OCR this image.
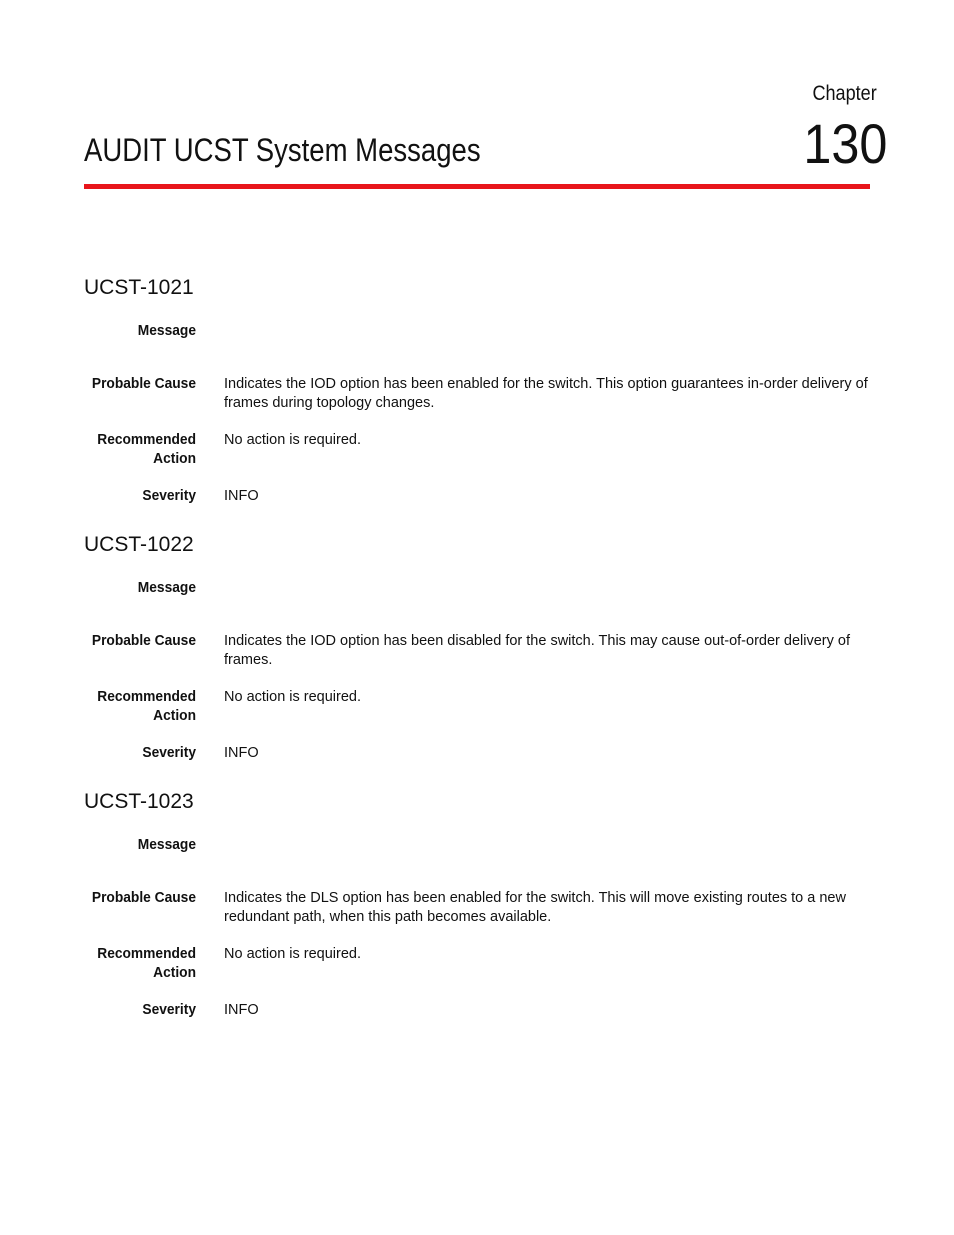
Chapter
130
AUDIT UCST System Messages
UCST-1021
Message
Probable Cause Indicates the IOD option has been enabled for the switch. This option guarantees in-order delivery of frames during topology changes.
Recommended
Action
No action is required.
Severity INFO
UCST-1022
Message
Probable Cause Indicates the IOD option has been disabled for the switch. This may cause out-of-order delivery of frames.
Recommended
Action
No action is required.
Severity INFO
UCST-1023
Message
Probable Cause Indicates the DLS option has been enabled for the switch. This will move existing routes to a new redundant path, when this path becomes available.
Recommended
Action
No action is required.
Severity INFO
